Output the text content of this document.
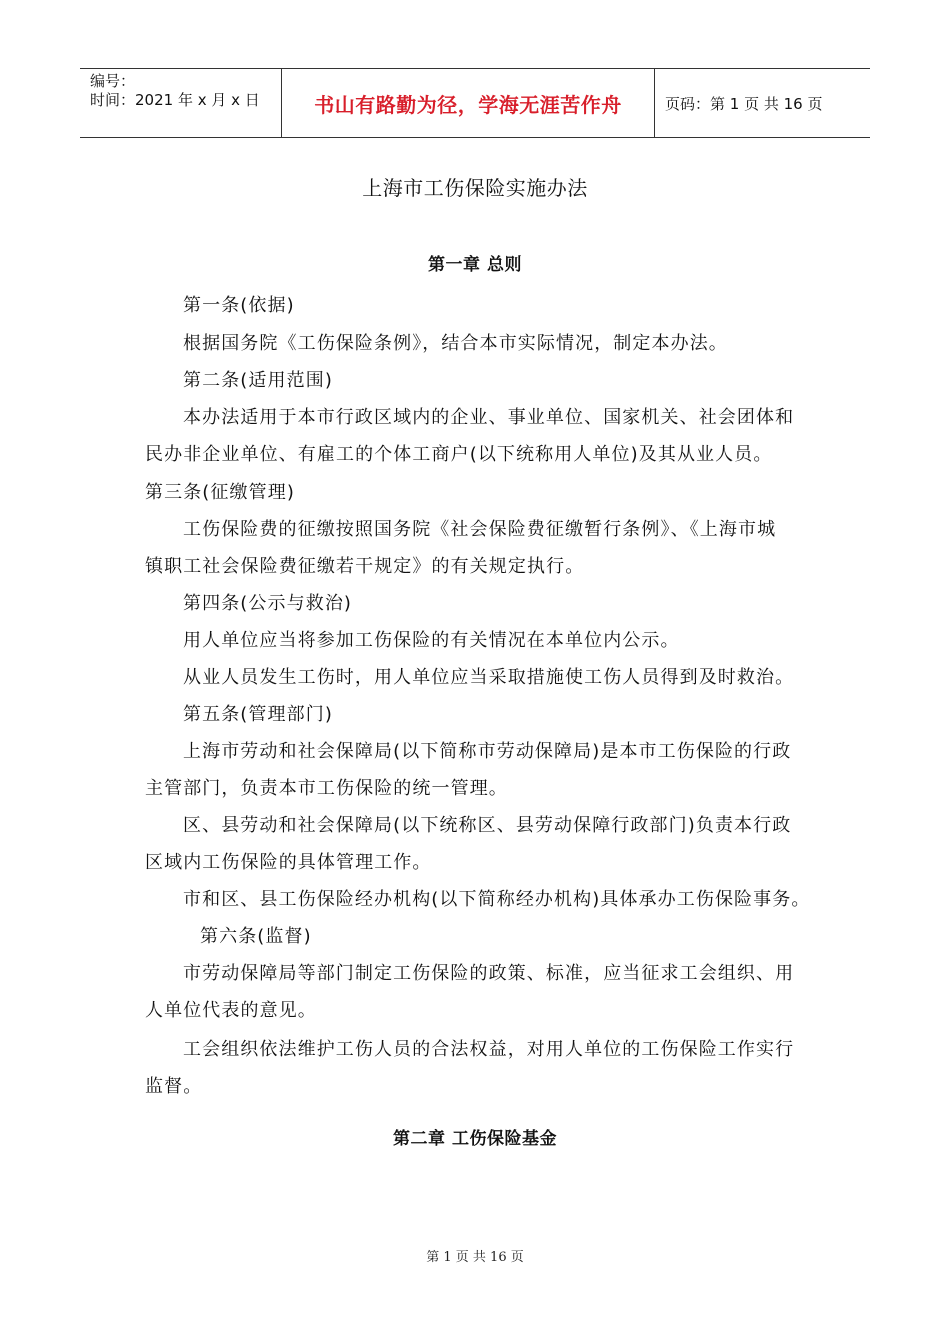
编号：
时间：2021 年 x 月 x 日	书山有路勤为径，学海无涯苦作舟	页码：第 1 页 共 16 页
上海市工伤保险实施办法
第一章 总则
第一条(依据)
根据国务院《工伤保险条例》，结合本市实际情况，制定本办法。
第二条(适用范围)
本办法适用于本市行政区域内的企业、事业单位、国家机关、社会团体和
民办非企业单位、有雇工的个体工商户(以下统称用人单位)及其从业人员。
第三条(征缴管理)
工伤保险费的征缴按照国务院《社会保险费征缴暂行条例》、《上海市城
镇职工社会保险费征缴若干规定》的有关规定执行。
第四条(公示与救治)
用人单位应当将参加工伤保险的有关情况在本单位内公示。
从业人员发生工伤时，用人单位应当采取措施使工伤人员得到及时救治。
第五条(管理部门)
上海市劳动和社会保障局(以下简称市劳动保障局)是本市工伤保险的行政
主管部门，负责本市工伤保险的统一管理。
区、县劳动和社会保障局(以下统称区、县劳动保障行政部门)负责本行政
区域内工伤保险的具体管理工作。
市和区、县工伤保险经办机构(以下简称经办机构)具体承办工伤保险事务。
第六条(监督)
市劳动保障局等部门制定工伤保险的政策、标准，应当征求工会组织、用
人单位代表的意见。
工会组织依法维护工伤人员的合法权益，对用人单位的工伤保险工作实行
监督。
第二章 工伤保险基金
第 1 页 共 16 页
